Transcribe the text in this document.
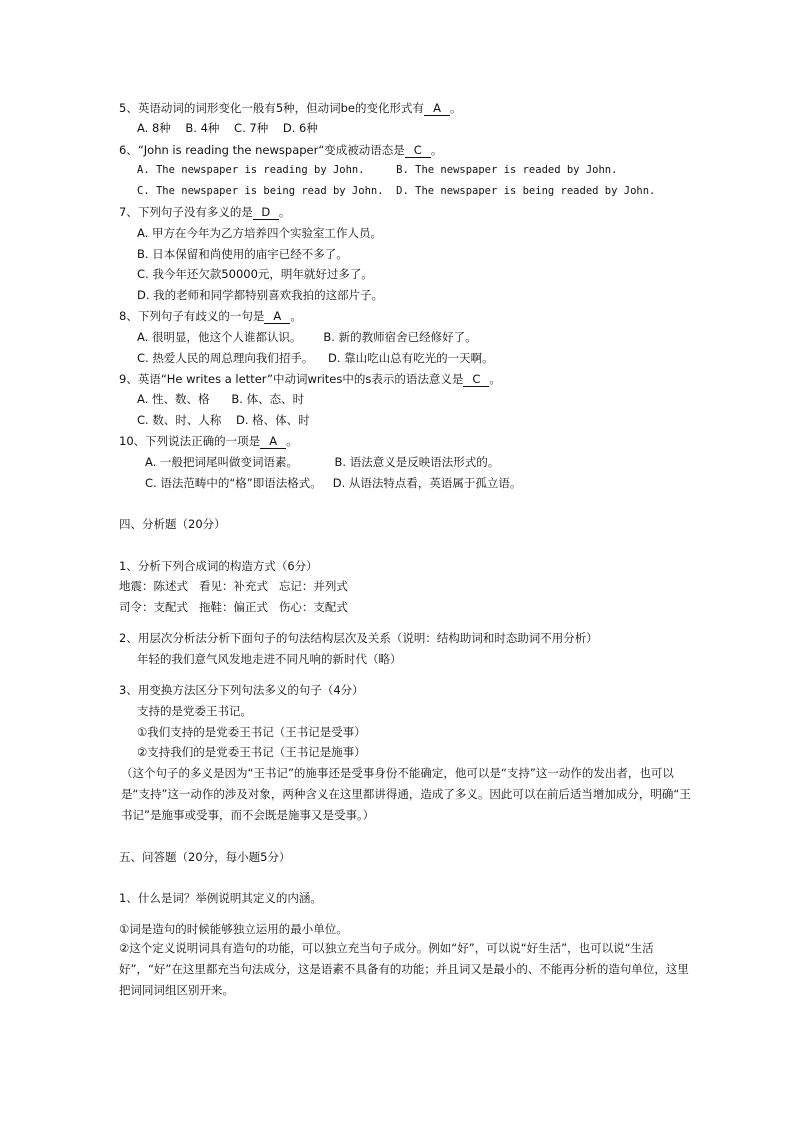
5、英语动词的词形变化一般有5种，但动词be的变化形式有 A 。
A. 8种    B. 4种    C. 7种    D. 6种
6、“John is reading the newspaper“变成被动语态是 C 。
A. The newspaper is reading by John.     B. The newspaper is readed by John.
C. The newspaper is being read by John.  D. The newspaper is being readed by John.
7、下列句子没有多义的是 D 。
A. 甲方在今年为乙方培养四个实验室工作人员。
B. 日本保留和尚使用的庙宇已经不多了。
C. 我今年还欠款50000元，明年就好过多了。
D. 我的老师和同学都特别喜欢我拍的这部片子。
8、下列句子有歧义的一句是 A 。
A. 很明显，他这个人谁都认识。      B. 新的教师宿舍已经修好了。
C. 热爱人民的周总理向我们招手。    D. 靠山吃山总有吃光的一天啊。
9、英语“He writes a letter”中动词writes中的s表示的语法意义是 C 。
A. 性、数、格      B. 体、态、时
C. 数、时、人称    D. 格、体、时
10、下列说法正确的一项是 A 。
A. 一般把词尾叫做变词语素。          B. 语法意义是反映语法形式的。
C. 语法范畴中的“格”即语法格式。   D. 从语法特点看，英语属于孤立语。
四、分析题（20分）
1、分析下列合成词的构造方式（6分）
地震：陈述式   看见：补充式   忘记：并列式
司令：支配式   拖鞋：偏正式   伤心：支配式
2、用层次分析法分析下面句子的句法结构层次及关系（说明：结构助词和时态助词不用分析）
年轻的我们意气风发地走进不同凡响的新时代（略）
3、用变换方法区分下列句法多义的句子（4分）
支持的是党委王书记。
①我们支持的是党委王书记（王书记是受事）
②支持我们的是党委王书记（王书记是施事）
（这个句子的多义是因为“王书记”的施事还是受事身份不能确定，他可以是“支持”这一动作的发出者，也可以是“支持”这一动作的涉及对象，两种含义在这里都讲得通，造成了多义。因此可以在前后适当增加成分，明确“王书记”是施事或受事，而不会既是施事又是受事。）
五、问答题（20分，每小题5分）
1、什么是词？举例说明其定义的内涵。
①词是造句的时候能够独立运用的最小单位。
②这个定义说明词具有造句的功能，可以独立充当句子成分。例如“好”，可以说“好生活”，也可以说“生活好”，“好”在这里都充当句法成分，这是语素不具备有的功能；并且词又是最小的、不能再分析的造句单位，这里把词同词组区别开来。
